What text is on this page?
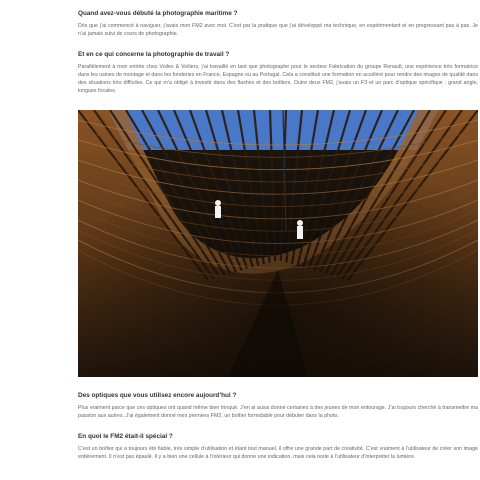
Quand avez-vous débuté la photographie maritime ?

Dès que j’ai commencé à naviguer, j’avais mon FM2 avec moi. C’est par la pratique que j’ai développé ma technique, en expérimentant et en progressant pas à pas. Je n’ai jamais suivi de cours de photographie.

Et en ce qui concerne la photographie de travail ?

Parallèlement à mon entrée chez Voiles & Voiliers, j’ai travaillé en tant que photographe pour le secteur Fabrication du groupe Renault, une expérience très formatrice dans les usines de montage et dans les fonderies en France, Espagne ou au Portugal. Cela a constitué une formation en accéléré pour rendre des images de qualité dans des situations très difficiles. Ce qui m’a obligé à investir dans des flashes et des boîtiers. Outre deux FM2, j’avais un F3 et un parc d’optique spécifique : grand angle, longues focales.

Des optiques que vous utilisez encore aujourd’hui ?

Plus vraiment parce que ces optiques ont quand même bien trinqué. J’en ai aussi donné certaines à des jeunes de mon entourage. J’ai toujours cherché à transmettre ma passion aux autres. J’ai également donné mes premiers FM2, un boîtier formidable pour débuter dans la photo.

En quoi le FM2 était-il spécial ?

C’est un boîtier qui a toujours été fiable, très simple d’utilisation et étant tout manuel, il offre une grande part de créativité. C’est vraiment à l’utilisateur de créer son image entièrement. Il n’est pas épaulé. Il y a bien une cellule à l’intérieur qui donne une indication, mais cela reste à l’utilisateur d’interpréter la lumière.
